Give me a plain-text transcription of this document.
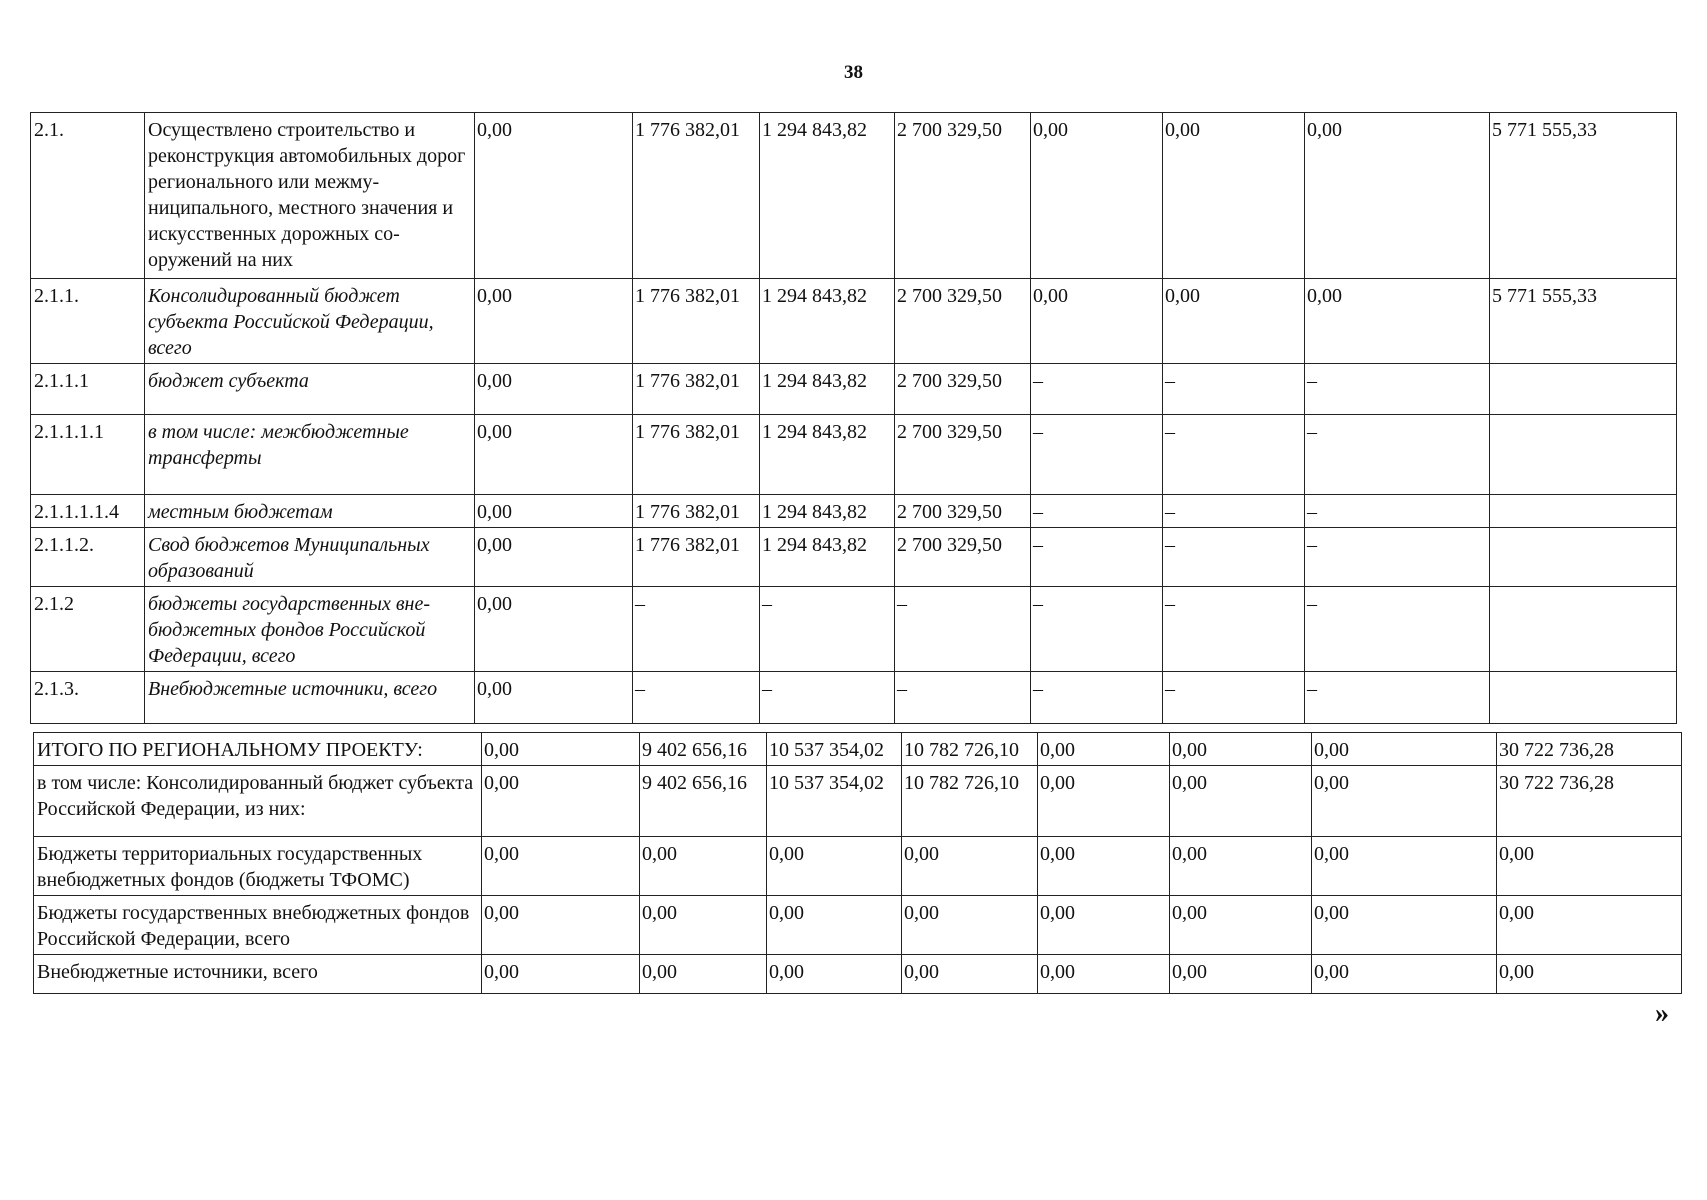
38
2.1.	Осуществлено строительство и реконструкция автомобильных дорог регионального или межму- ниципального, местного значения и искусственных дорожных со- оружений на них	0,00	1 776 382,01	1 294 843,82	2 700 329,50	0,00	0,00	0,00	5 771 555,33
2.1.1.	Консолидированный бюджет субъекта Российской Федерации, всего	0,00	1 776 382,01	1 294 843,82	2 700 329,50	0,00	0,00	0,00	5 771 555,33
2.1.1.1	бюджет субъекта	0,00	1 776 382,01	1 294 843,82	2 700 329,50	–	–	–	
2.1.1.1.1	в том числе: межбюджетные трансферты	0,00	1 776 382,01	1 294 843,82	2 700 329,50	–	–	–	
2.1.1.1.1.4	местным бюджетам	0,00	1 776 382,01	1 294 843,82	2 700 329,50	–	–	–	
2.1.1.2.	Свод бюджетов Муниципальных образований	0,00	1 776 382,01	1 294 843,82	2 700 329,50	–	–	–	
2.1.2	бюджеты государственных вне- бюджетных фондов Российской Федерации, всего	0,00	–	–	–	–	–	–	
2.1.3.	Внебюджетные источники, всего	0,00	–	–	–	–	–	–	
ИТОГО ПО РЕГИОНАЛЬНОМУ ПРОЕКТУ:	0,00	9 402 656,16	10 537 354,02	10 782 726,10	0,00	0,00	0,00	30 722 736,28
в том числе: Консолидированный бюджет субъекта Российской Федерации, из них:	0,00	9 402 656,16	10 537 354,02	10 782 726,10	0,00	0,00	0,00	30 722 736,28
Бюджеты территориальных государственных внебюджетных фондов (бюджеты ТФОМС)	0,00	0,00	0,00	0,00	0,00	0,00	0,00	0,00
Бюджеты государственных внебюджетных фондов Российской Федерации, всего	0,00	0,00	0,00	0,00	0,00	0,00	0,00	0,00
Внебюджетные источники, всего	0,00	0,00	0,00	0,00	0,00	0,00	0,00	0,00
»
